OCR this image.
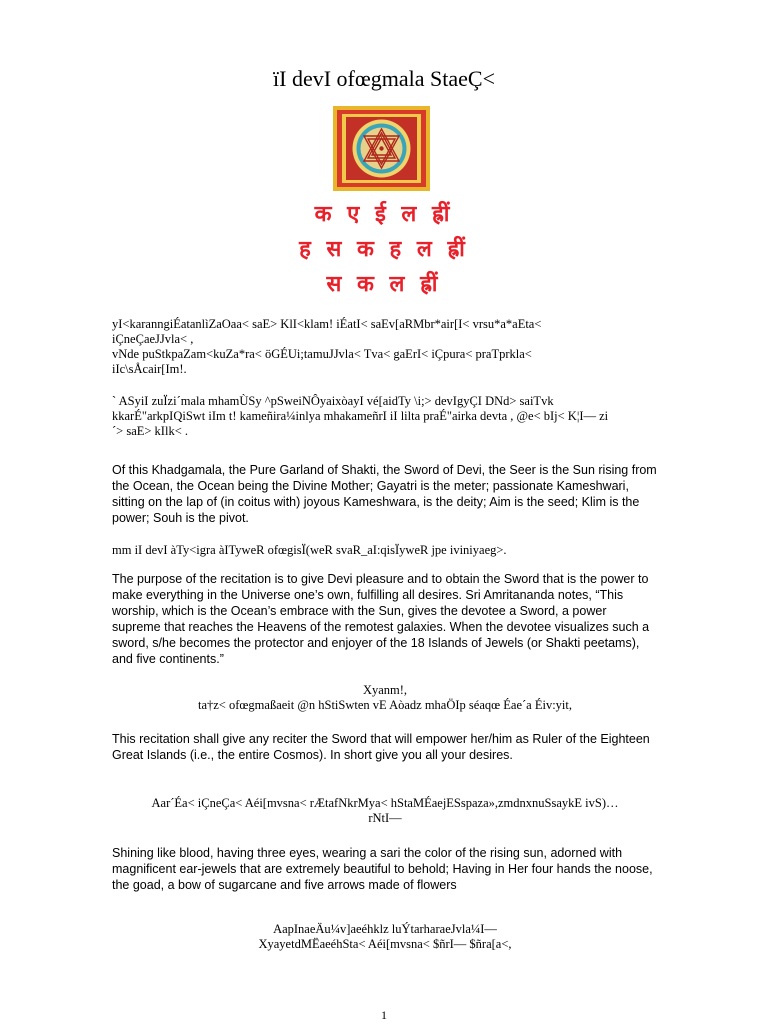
ïI devI ofœgmala StaeÇ<
क ए ई ल ह्रीं
ह स क ह ल ह्रीं
स क ल ह्रीं
yI<karanngiÉatanlìZaOaa< saE> KlI<klam! iÉatI< saEv[aRMbr*air[I< vrsu*a*aEta<
iÇneÇaeJJvla< ,
vNde puStkpaZam<kuZa*ra< öGÉUi;tamuJJvla< Tva< gaErI< iÇpura< praTprkla<
iIc\sÅcair[Im!.
` ASyiI zuÏzi´mala mhamÙSy ^pSweiNÔyaixòayI vé[aidTy \i;> devIgyÇI DNd> saiTvk
kkarÉ"arkpIQiSwt iIm t! kameñira¼inlya mhakameñrI iI lilta praÉ"airka devta , @e< bIj< K¦I— zi
´> saE> kIlk< .
Of this Khadgamala, the Pure Garland of Shakti, the Sword of Devi, the Seer is the Sun rising from the Ocean, the Ocean being the Divine Mother; Gayatri is the meter; passionate Kameshwari, sitting on the lap of (in coitus with) joyous Kameshwara, is the deity; Aim is the seed; Klim is the power; Souh is the pivot.
mm iI devI àTy<igra àITyweR ofœgisÏ(weR svaR_aI:qisÏyweR jpe iviniyaeg>.
The purpose of the recitation is to give Devi pleasure and to obtain the Sword that is the power to make everything in the Universe one’s own, fulfilling all desires. Sri Amritananda notes, “This worship, which is the Ocean’s embrace with the Sun, gives the devotee a Sword, a power supreme that reaches the Heavens of the remotest galaxies. When the devotee visualizes such a sword, s/he becomes the protector and enjoyer of the 18 Islands of Jewels (or Shakti peetams), and five continents.”
Xyanm!,
ta†z< ofœgmaßaeit @n hStiSwten vE Aòadz mhaÖIp séaqœ Éae´a Éiv:yit,
This recitation shall give any reciter the Sword that will empower her/him as Ruler of the Eighteen Great Islands (i.e., the entire Cosmos). In short give you all your desires.
Aar´Éa< iÇneÇa< Aéi[mvsna< rÆtafNkrMya< hStaMÉaejESspaza»,zmdnxnuSsaykE ivS)…
rNtI—
Shining like blood, having three eyes, wearing a sari the color of the rising sun, adorned with magnificent ear-jewels that are extremely beautiful to behold; Having in Her four hands the noose, the goad, a bow of sugarcane and five arrows made of flowers
AapInaeÄu¼v]aeéhklz luÝtarharaeJvla¼I—
XyayetdMËaeéhSta< Aéi[mvsna< $ñrI— $ñra[a<,
1
